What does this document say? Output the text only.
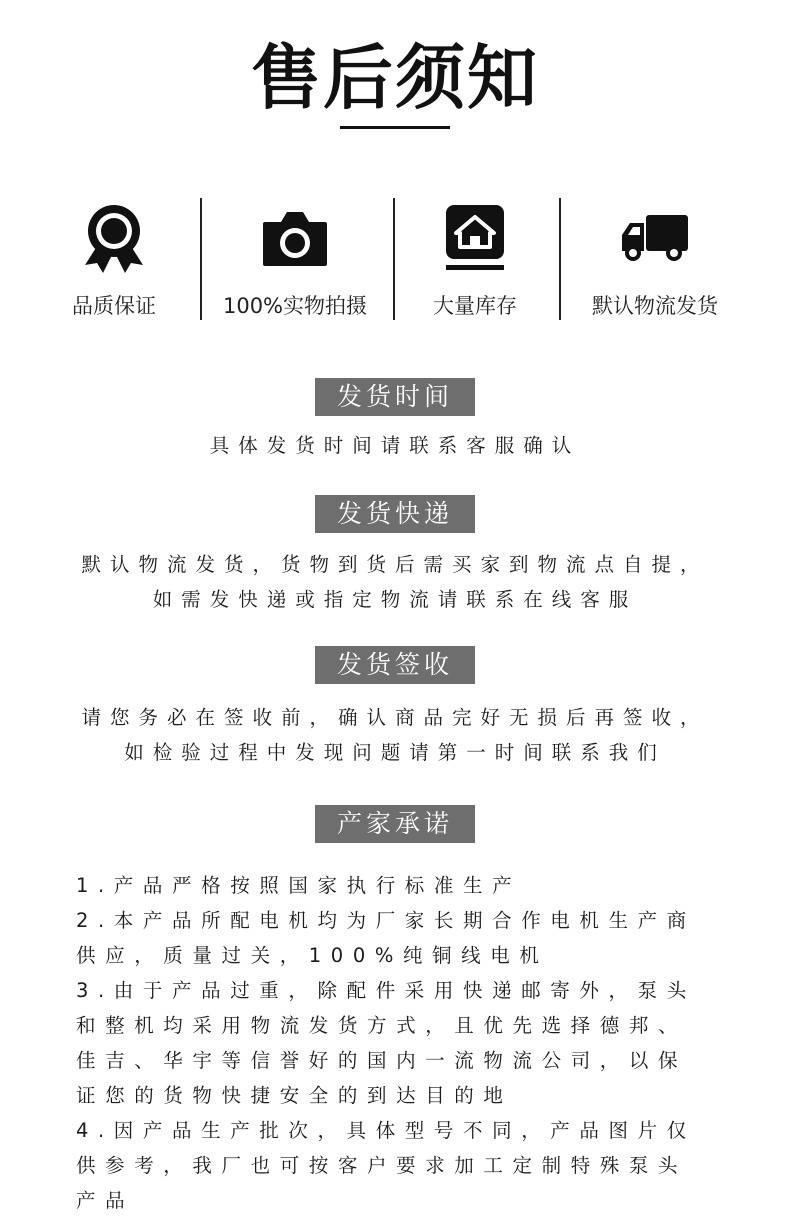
售后须知
品质保证	100%实物拍摄	大量库存	默认物流发货
发货时间
具体发货时间请联系客服确认
发货快递
默认物流发货，货物到货后需买家到物流点自提，
如需发快递或指定物流请联系在线客服
发货签收
请您务必在签收前，确认商品完好无损后再签收，
如检验过程中发现问题请第一时间联系我们
产家承诺
1.产品严格按照国家执行标准生产
2.本产品所配电机均为厂家长期合作电机生产商
供应，质量过关，100%纯铜线电机
3.由于产品过重，除配件采用快递邮寄外，泵头
和整机均采用物流发货方式，且优先选择德邦、
佳吉、华宇等信誉好的国内一流物流公司，以保
证您的货物快捷安全的到达目的地
4.因产品生产批次，具体型号不同，产品图片仅
供参考，我厂也可按客户要求加工定制特殊泵头
产品
